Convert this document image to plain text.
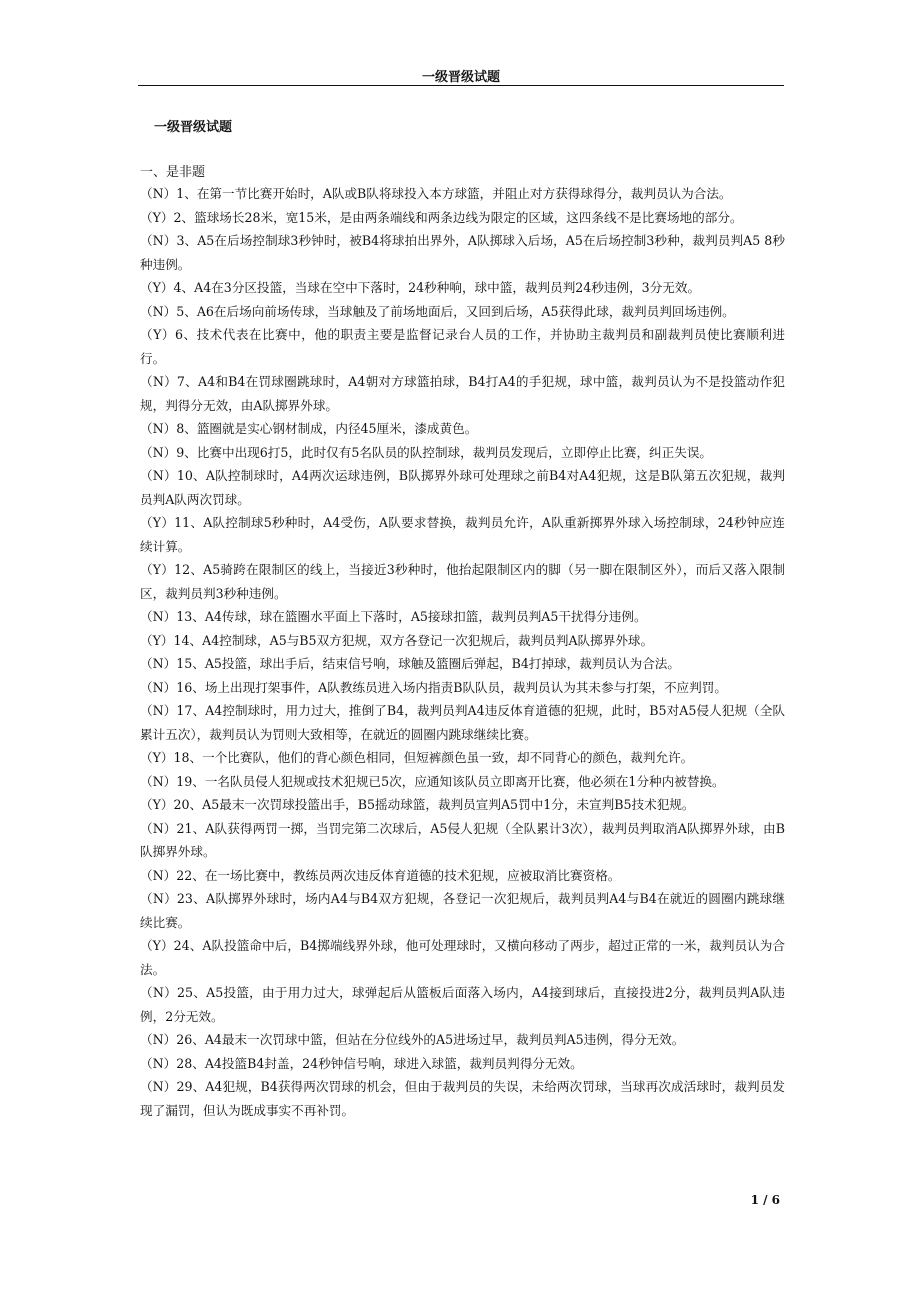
一级晋级试题
一级晋级试题
一、是非题
（N）1、在第一节比赛开始时，A队或B队将球投入本方球篮，并阻止对方获得球得分，裁判员认为合法。
（Y）2、篮球场长28米，宽15米，是由两条端线和两条边线为限定的区域，这四条线不是比赛场地的部分。
（N）3、A5在后场控制球3秒钟时，被B4将球拍出界外，A队掷球入后场，A5在后场控制3秒种，裁判员判A5 8秒种违例。
（Y）4、A4在3分区投篮，当球在空中下落时，24秒种响，球中篮，裁判员判24秒违例，3分无效。
（N）5、A6在后场向前场传球，当球触及了前场地面后，又回到后场，A5获得此球，裁判员判回场违例。
（Y）6、技术代表在比赛中，他的职责主要是监督记录台人员的工作，并协助主裁判员和副裁判员使比赛顺利进行。
（N）7、A4和B4在罚球圈跳球时，A4朝对方球篮拍球，B4打A4的手犯规，球中篮，裁判员认为不是投篮动作犯规，判得分无效，由A队掷界外球。
（N）8、篮圈就是实心钢材制成，内径45厘米，漆成黄色。
（N）9、比赛中出现6打5，此时仅有5名队员的队控制球，裁判员发现后，立即停止比赛，纠正失误。
（N）10、A队控制球时，A4两次运球违例，B队掷界外球可处理球之前B4对A4犯规，这是B队第五次犯规，裁判员判A队两次罚球。
（Y）11、A队控制球5秒种时，A4受伤，A队要求替换，裁判员允许，A队重新掷界外球入场控制球，24秒钟应连续计算。
（Y）12、A5骑跨在限制区的线上，当接近3秒种时，他抬起限制区内的脚（另一脚在限制区外），而后又落入限制区，裁判员判3秒种违例。
（N）13、A4传球，球在篮圈水平面上下落时，A5接球扣篮，裁判员判A5干扰得分违例。
（Y）14、A4控制球，A5与B5双方犯规，双方各登记一次犯规后，裁判员判A队掷界外球。
（N）15、A5投篮，球出手后，结束信号响，球触及篮圈后弹起，B4打掉球，裁判员认为合法。
（N）16、场上出现打架事件，A队教练员进入场内指责B队队员，裁判员认为其未参与打架，不应判罚。
（N）17、A4控制球时，用力过大，推倒了B4，裁判员判A4违反体育道德的犯规，此时，B5对A5侵人犯规（全队累计五次），裁判员认为罚则大致相等，在就近的圆圈内跳球继续比赛。
（Y）18、一个比赛队，他们的背心颜色相同，但短裤颜色虽一致，却不同背心的颜色，裁判允许。
（N）19、一名队员侵人犯规或技术犯规已5次，应通知该队员立即离开比赛，他必须在1分种内被替换。
（Y）20、A5最末一次罚球投篮出手，B5摇动球篮，裁判员宣判A5罚中1分，未宣判B5技术犯规。
（N）21、A队获得两罚一掷，当罚完第二次球后，A5侵人犯规（全队累计3次），裁判员判取消A队掷界外球，由B队掷界外球。
（N）22、在一场比赛中，教练员两次违反体育道德的技术犯规，应被取消比赛资格。
（N）23、A队掷界外球时，场内A4与B4双方犯规，各登记一次犯规后，裁判员判A4与B4在就近的圆圈内跳球继续比赛。
（Y）24、A队投篮命中后，B4掷端线界外球，他可处理球时，又横向移动了两步，超过正常的一米，裁判员认为合法。
（N）25、A5投篮，由于用力过大，球弹起后从篮板后面落入场内，A4接到球后，直接投进2分，裁判员判A队违例，2分无效。
（N）26、A4最末一次罚球中篮，但站在分位线外的A5进场过早，裁判员判A5违例，得分无效。
（N）28、A4投篮B4封盖，24秒钟信号响，球进入球篮，裁判员判得分无效。
（N）29、A4犯规，B4获得两次罚球的机会，但由于裁判员的失误，未给两次罚球，当球再次成活球时，裁判员发现了漏罚，但认为既成事实不再补罚。
1 / 6
